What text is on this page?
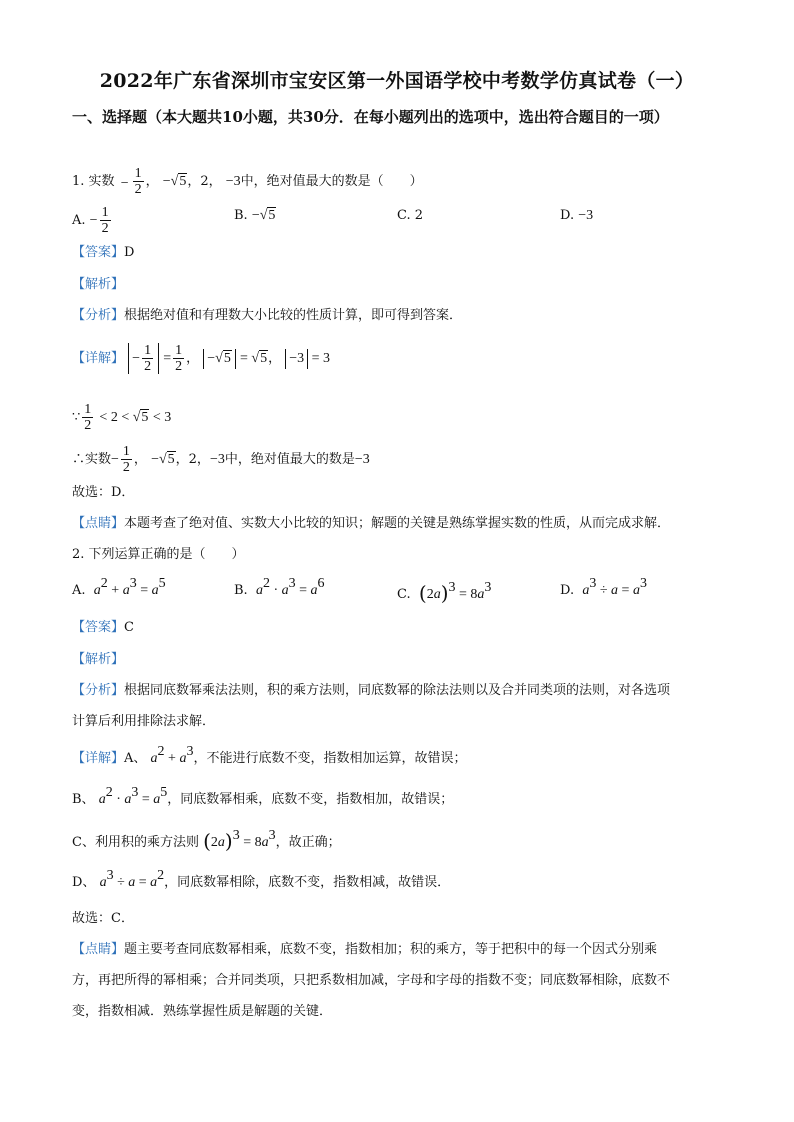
2022年广东省深圳市宝安区第一外国语学校中考数学仿真试卷（一）
一、选择题（本大题共10小题，共30分．在每小题列出的选项中，选出符合题目的一项）
1. 实数 − $\frac{1}{2}$ ， −√5，2， −3中，绝对值最大的数是（　　）
A. − $\frac{1}{2}$	B. −√5	C. 2	D. −3
【答案】D
【解析】
【分析】根据绝对值和有理数大小比较的性质计算，即可得到答案．
【详解】 − $\frac{1}{2} = \frac{1}{2}$ ， −√5 = √5， −3 = 3
∵ $\frac{1}{2} < 2 < √5 < 3$
∴实数− $\frac{1}{2}$ ， −√5，2，−3中，绝对值最大的数是−3
故选：D．
【点睛】本题考查了绝对值、实数大小比较的知识；解题的关键是熟练掌握实数的性质，从而完成求解．
2. 下列运算正确的是（　　）
A. $a^2 + a^3 = a^5$	B. $a^2 \cdot a^3 = a^6$
C. $(2a)^3 = 8a^3$	D. $a^3 \div a = a^3$
【答案】C
【解析】
【分析】根据同底数幂乘法法则，积的乘方法则，同底数幂的除法法则以及合并同类项的法则，对各选项
计算后利用排除法求解．
【详解】A、 $a^2 + a^3$，不能进行底数不变，指数相加运算，故错误；
B、 $a^2 \cdot a^3 = a^5$，同底数幂相乘，底数不变，指数相加，故错误；
C、利用积的乘方法则 $(2a)^3 = 8a^3$，故正确；
D、 $a^3 \div a = a^2$，同底数幂相除，底数不变，指数相减，故错误．
故选：C．
【点睛】题主要考查同底数幂相乘，底数不变，指数相加；积的乘方，等于把积中的每一个因式分别乘
方，再把所得的幂相乘；合并同类项，只把系数相加减，字母和字母的指数不变；同底数幂相除，底数不
变，指数相减．熟练掌握性质是解题的关键．
